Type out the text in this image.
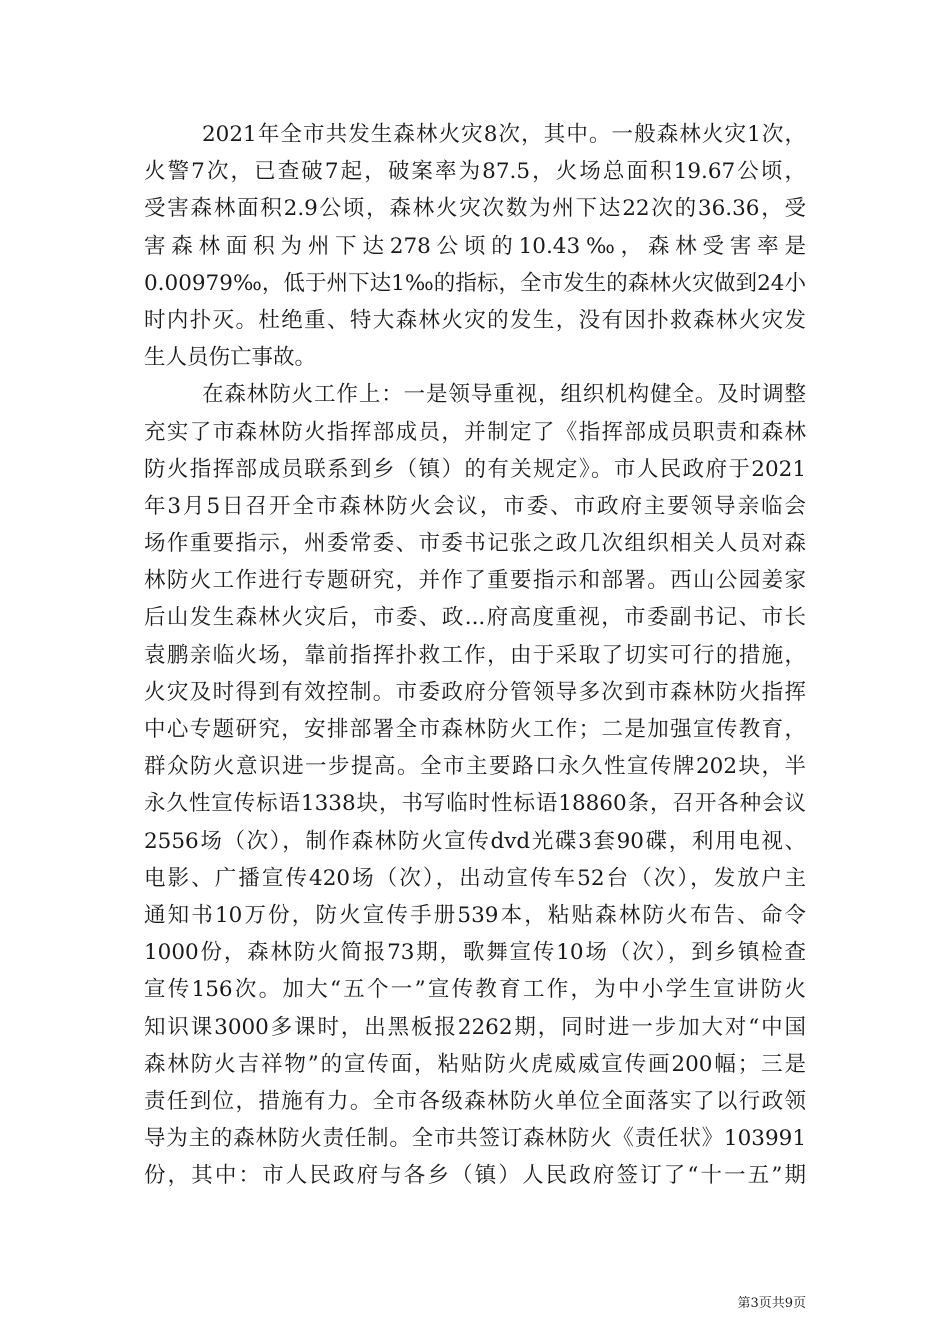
2021年全市共发生森林火灾8次，其中。一般森林火灾1次，
火警7次，已查破7起，破案率为87.5，火场总面积19.67公顷，
受害森林面积2.9公顷，森林火灾次数为州下达22次的36.36，受
害森林面积为州下达278公顷的10.43‰，森林受害率是
0.00979‰，低于州下达1‰的指标，全市发生的森林火灾做到24小
时内扑灭。杜绝重、特大森林火灾的发生，没有因扑救森林火灾发
生人员伤亡事故。
在森林防火工作上：一是领导重视，组织机构健全。及时调整
充实了市森林防火指挥部成员，并制定了《指挥部成员职责和森林
防火指挥部成员联系到乡（镇）的有关规定》。市人民政府于2021
年3月5日召开全市森林防火会议，市委、市政府主要领导亲临会
场作重要指示，州委常委、市委书记张之政几次组织相关人员对森
林防火工作进行专题研究，并作了重要指示和部署。西山公园姜家
后山发生森林火灾后，市委、政...府高度重视，市委副书记、市长
袁鹏亲临火场，靠前指挥扑救工作，由于采取了切实可行的措施，
火灾及时得到有效控制。市委政府分管领导多次到市森林防火指挥
中心专题研究，安排部署全市森林防火工作；二是加强宣传教育，
群众防火意识进一步提高。全市主要路口永久性宣传牌202块，半
永久性宣传标语1338块，书写临时性标语18860条，召开各种会议
2556场（次），制作森林防火宣传dvd光碟3套90碟，利用电视、
电影、广播宣传420场（次），出动宣传车52台（次），发放户主
通知书10万份，防火宣传手册539本，粘贴森林防火布告、命令
1000份，森林防火简报73期，歌舞宣传10场（次），到乡镇检查
宣传156次。加大“五个一”宣传教育工作，为中小学生宣讲防火
知识课3000多课时，出黑板报2262期，同时进一步加大对“中国
森林防火吉祥物”的宣传面，粘贴防火虎威威宣传画200幅；三是
责任到位，措施有力。全市各级森林防火单位全面落实了以行政领
导为主的森林防火责任制。全市共签订森林防火《责任状》103991
份，其中：市人民政府与各乡（镇）人民政府签订了“十一五”期
第3页共9页
